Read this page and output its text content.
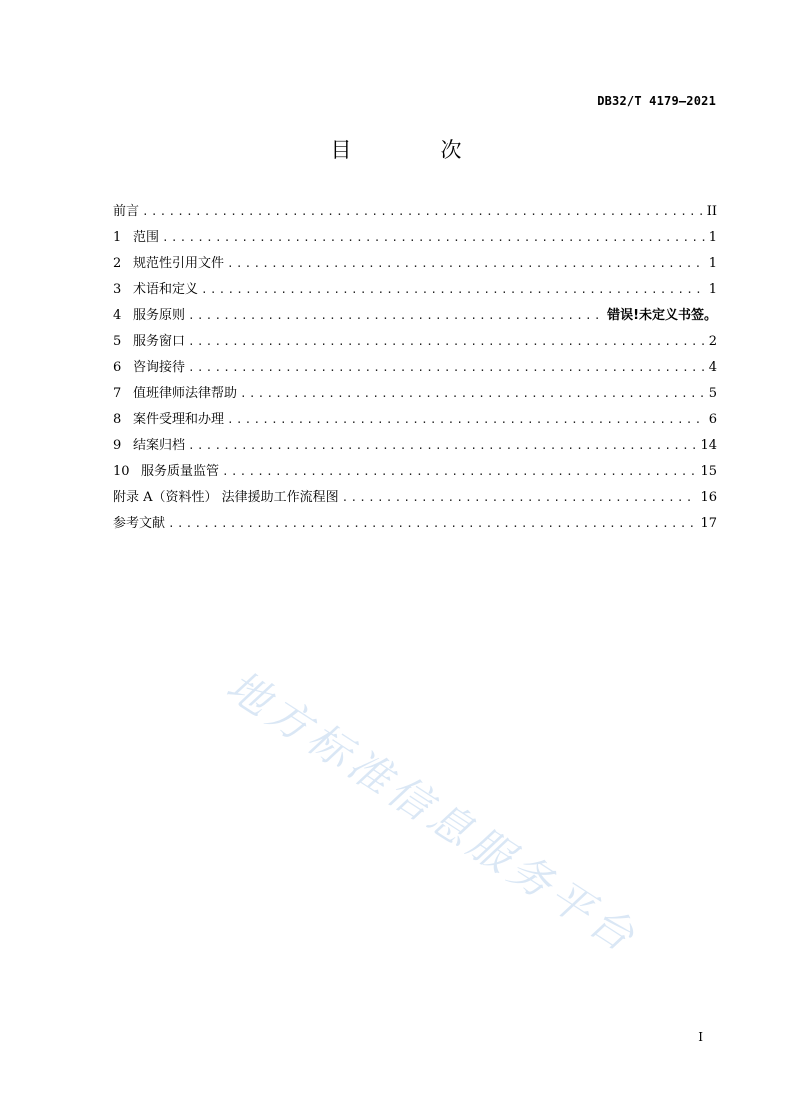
DB32/T 4179—2021
目　次
前言 .....	II
1 范围 .....	1
2 规范性引用文件 .....	1
3 术语和定义 .....	1
4 服务原则 .....	错误!未定义书签。
5 服务窗口 .....	2
6 咨询接待 .....	4
7 值班律师法律帮助 .....	5
8 案件受理和办理 .....	6
9 结案归档 .....	14
10 服务质量监管 .....	15
附录 A（资料性） 法律援助工作流程图 .....	16
参考文献 .....	17
地方标准信息服务平台
I
